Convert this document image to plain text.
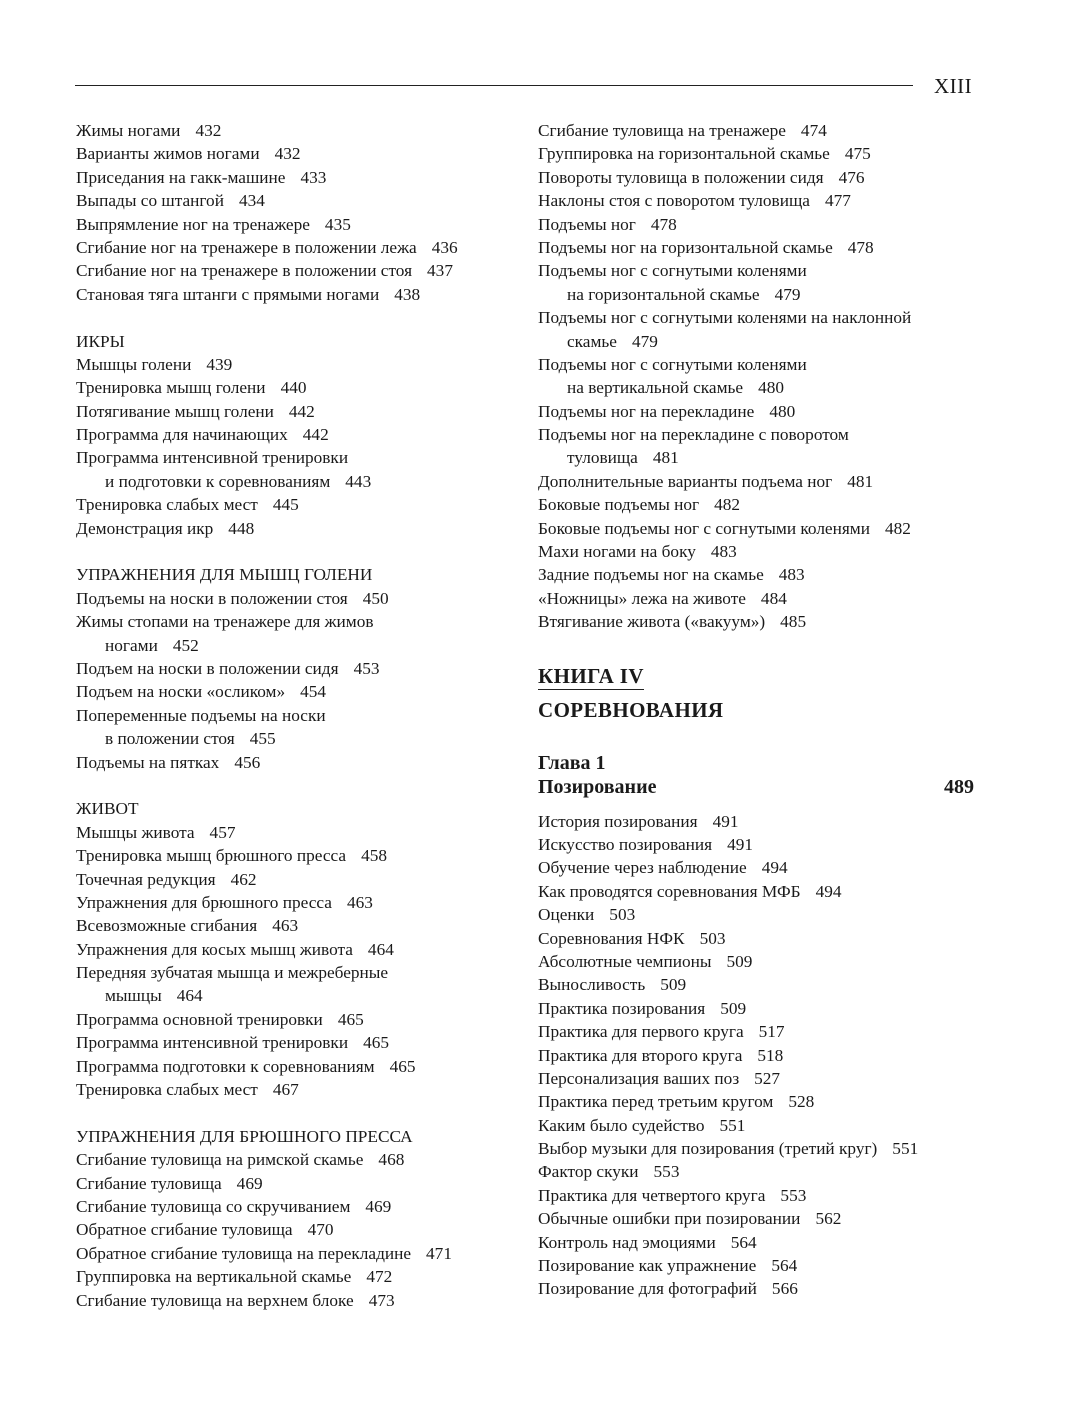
XIII
Жимы ногами 432
Варианты жимов ногами 432
Приседания на гакк-машине 433
Выпады со штангой 434
Выпрямление ног на тренажере 435
Сгибание ног на тренажере в положении лежа 436
Сгибание ног на тренажере в положении стоя 437
Становая тяга штанги с прямыми ногами 438
ИКРЫ
Мышцы голени 439
Тренировка мышц голени 440
Потягивание мышц голени 442
Программа для начинающих 442
Программа интенсивной тренировки
и подготовки к соревнованиям 443
Тренировка слабых мест 445
Демонстрация икр 448
УПРАЖНЕНИЯ ДЛЯ МЫШЦ ГОЛЕНИ
Подъемы на носки в положении стоя 450
Жимы стопами на тренажере для жимов
ногами 452
Подъем на носки в положении сидя 453
Подъем на носки «осликом» 454
Попеременные подъемы на носки
в положении стоя 455
Подъемы на пятках 456
ЖИВОТ
Мышцы живота 457
Тренировка мышц брюшного пресса 458
Точечная редукция 462
Упражнения для брюшного пресса 463
Всевозможные сгибания 463
Упражнения для косых мышц живота 464
Передняя зубчатая мышца и межреберные
мышцы 464
Программа основной тренировки 465
Программа интенсивной тренировки 465
Программа подготовки к соревнованиям 465
Тренировка слабых мест 467
УПРАЖНЕНИЯ ДЛЯ БРЮШНОГО ПРЕССА
Сгибание туловища на римской скамье 468
Сгибание туловища 469
Сгибание туловища со скручиванием 469
Обратное сгибание туловища 470
Обратное сгибание туловища на перекладине 471
Группировка на вертикальной скамье 472
Сгибание туловища на верхнем блоке 473
Сгибание туловища на тренажере 474
Группировка на горизонтальной скамье 475
Повороты туловища в положении сидя 476
Наклоны стоя с поворотом туловища 477
Подъемы ног 478
Подъемы ног на горизонтальной скамье 478
Подъемы ног с согнутыми коленями
на горизонтальной скамье 479
Подъемы ног с согнутыми коленями на наклонной
скамье 479
Подъемы ног с согнутыми коленями
на вертикальной скамье 480
Подъемы ног на перекладине 480
Подъемы ног на перекладине с поворотом
туловища 481
Дополнительные варианты подъема ног 481
Боковые подъемы ног 482
Боковые подъемы ног с согнутыми коленями 482
Махи ногами на боку 483
Задние подъемы ног на скамье 483
«Ножницы» лежа на животе 484
Втягивание живота («вакуум») 485
КНИГА IV
СОРЕВНОВАНИЯ
Глава 1
Позирование	489
История позирования 491
Искусство позирования 491
Обучение через наблюдение 494
Как проводятся соревнования МФБ 494
Оценки 503
Соревнования НФК 503
Абсолютные чемпионы 509
Выносливость 509
Практика позирования 509
Практика для первого круга 517
Практика для второго круга 518
Персонализация ваших поз 527
Практика перед третьим кругом 528
Каким было судейство 551
Выбор музыки для позирования (третий круг) 551
Фактор скуки 553
Практика для четвертого круга 553
Обычные ошибки при позировании 562
Контроль над эмоциями 564
Позирование как упражнение 564
Позирование для фотографий 566
